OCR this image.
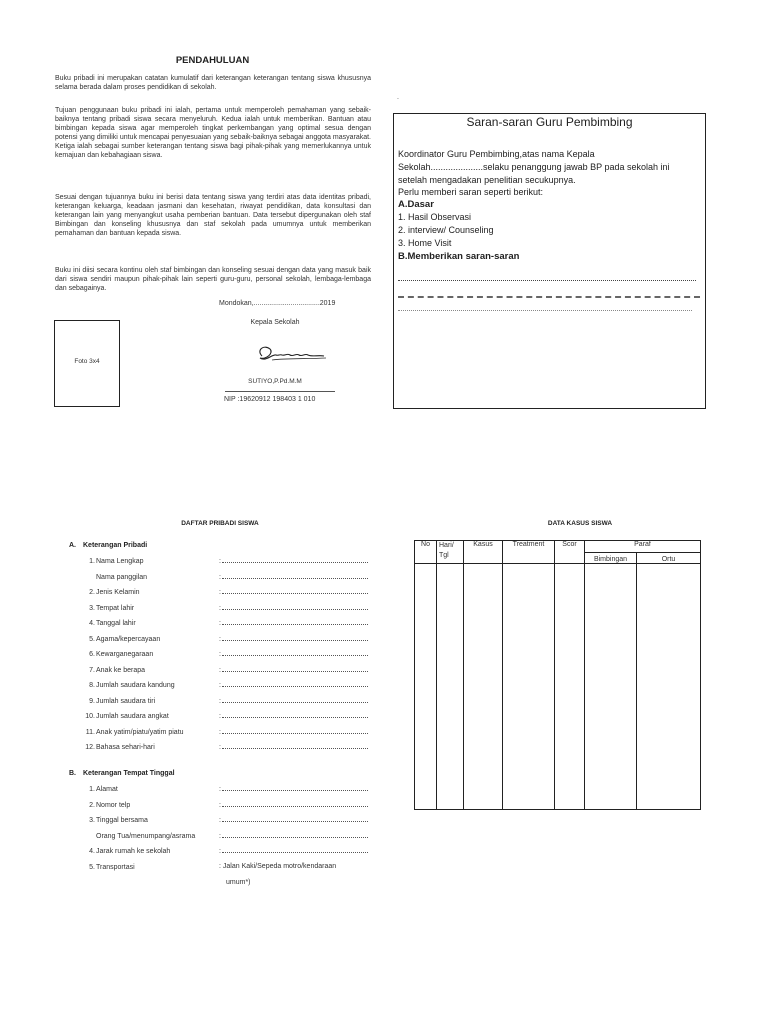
PENDAHULUAN
Buku pribadi ini merupakan catatan kumulatif dari keterangan keterangan tentang siswa khususnya selama berada dalam proses pendidikan di sekolah.
Tujuan penggunaan buku pribadi ini ialah, pertama untuk memperoleh pemahaman yang sebaik-baiknya tentang pribadi siswa secara menyeluruh. Kedua ialah untuk memberikan. Bantuan atau bimbingan kepada siswa agar memperoleh tingkat perkembangan yang optimal sesua dengan potensi yang dimiliki untuk mencapai penyesuaian yang sebaik-baiknya sebagai anggota masyarakat. Ketiga ialah sebagai sumber keterangan tentang siswa bagi pihak-pihak yang memerlukannya untuk kemajuan dan kebahagiaan siswa.
Sesuai dengan tujuannya buku ini berisi data tentang siswa yang terdiri atas data identitas pribadi, keterangan keluarga, keadaan jasmani dan kesehatan, riwayat pendidikan, data konsultasi dan keterangan lain yang menyangkut usaha pemberian bantuan. Data tersebut dipergunakan oleh staf Bimbingan dan konseling khususnya dan staf sekolah pada umumnya untuk memberikan pemahaman dan bantuan kepada siswa.
Buku ini diisi secara kontinu oleh staf bimbingan dan konseling sesuai dengan data yang masuk baik dari siswa sendiri maupun pihak-pihak lain seperti guru-guru, personal sekolah, lembaga-lembaga dan sebagainya.
Mondokan,..................................2019
Kepala Sekolah
SUTIYO,P.Pd.M.M
NIP :19620912 198403 1 010
Foto 3x4
.
Saran-saran Guru Pembimbing
Koordinator Guru Pembimbing,atas nama Kepala
Sekolah.....................selaku penanggung jawab BP pada sekolah ini
setelah mengadakan penelitian secukupnya.
Perlu memberi saran seperti berikut:
A.Dasar
1. Hasil Observasi
2. interview/ Counseling
3. Home Visit
B.Memberikan saran-saran
DAFTAR PRIBADI SISWA
A. Keterangan Pribadi
1. Nama Lengkap	:
Nama panggilan	:
2. Jenis Kelamin	:
3. Tempat lahir	:
4. Tanggal lahir	:
5. Agama/kepercayaan	:
6. Kewarganegaraan	:
7. Anak ke berapa	:
8. Jumlah saudara kandung	:
9. Jumlah saudara tiri	:
10. Jumlah saudara angkat	:
11. Anak yatim/piatu/yatim piatu	:
12. Bahasa sehari-hari	:
B. Keterangan Tempat Tinggal
1. Alamat	:
2. Nomor telp	:
3. Tinggal bersama	:
Orang Tua/menumpang/asrama	:
4. Jarak rumah ke sekolah	:
5. Transportasi	: Jalan Kaki/Sepeda motro/kendaraan
umum*)
DATA KASUS SISWA
No	Hari/ Tgl	Kasus	Treatment	Scor	Paraf	
					Bimbingan	Ortu
